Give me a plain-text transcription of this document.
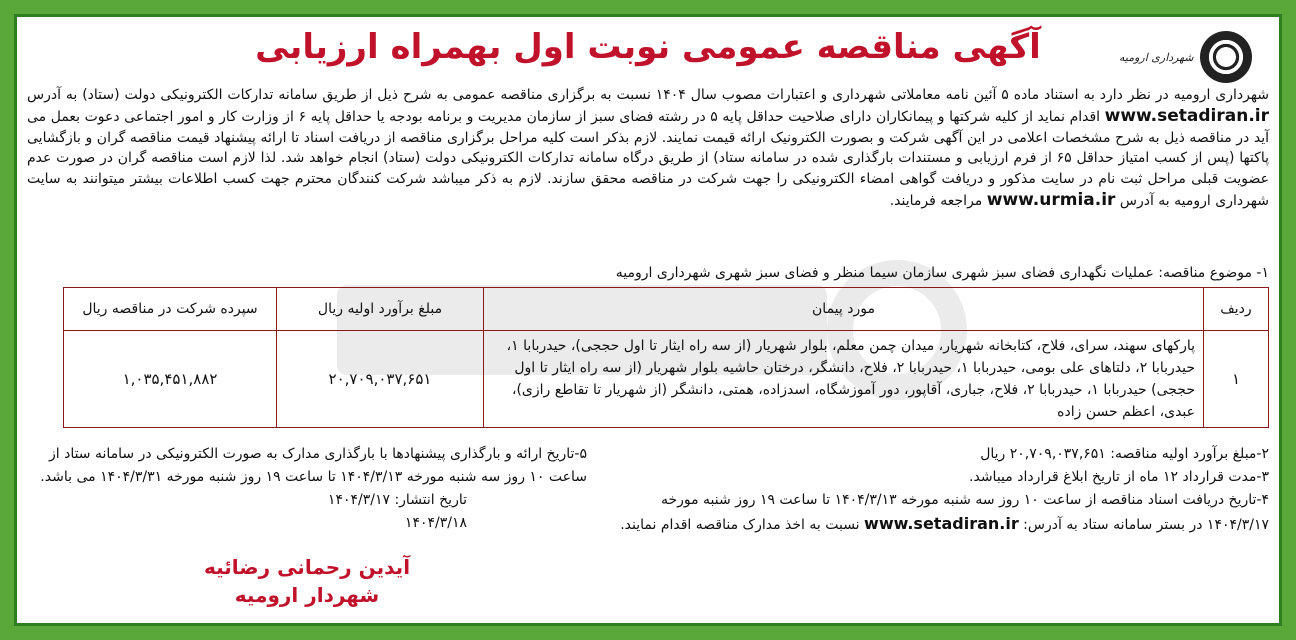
شهرداری ارومیه
آگهی مناقصه عمومی نوبت اول بهمراه ارزیابی
شهرداری ارومیه در نظر دارد به استناد ماده ۵ آئین نامه معاملاتی شهرداری و اعتبارات مصوب سال ۱۴۰۴ نسبت به برگزاری مناقصه عمومی به شرح ذیل از طریق سامانه تدارکات الکترونیکی دولت (ستاد) به آدرس www.setadiran.ir اقدام نماید از کلیه شرکتها و پیمانکاران دارای صلاحیت حداقل پایه ۵ در رشته فضای سبز از سازمان مدیریت و برنامه بودجه یا حداقل پایه ۶ از وزارت کار و امور اجتماعی دعوت بعمل می آید در مناقصه ذیل به شرح مشخصات اعلامی در این آگهی شرکت و بصورت الکترونیک ارائه قیمت نمایند. لازم بذکر است کلیه مراحل برگزاری مناقصه از دریافت اسناد تا ارائه پیشنهاد قیمت مناقصه گران و بازگشایی پاکتها (پس از کسب امتیاز حداقل ۶۵ از فرم ارزیابی و مستندات بارگذاری شده در سامانه ستاد) از طریق درگاه سامانه تدارکات الکترونیکی دولت (ستاد) انجام خواهد شد. لذا لازم است مناقصه گران در صورت عدم عضویت قبلی مراحل ثبت نام در سایت مذکور و دریافت گواهی امضاء الکترونیکی را جهت شرکت در مناقصه محقق سازند. لازم به ذکر میباشد شرکت کنندگان محترم جهت کسب اطلاعات بیشتر میتوانند به سایت شهرداری ارومیه به آدرس www.urmia.ir مراجعه فرمایند.
۱- موضوع مناقصه: عملیات نگهداری فضای سبز شهری سازمان سیما منظر و فضای سبز شهری شهرداری ارومیه
ردیف	مورد پیمان	مبلغ برآورد اولیه ریال	سپرده شرکت در مناقصه ریال
۱	پارکهای سهند، سرای، فلاح، کتابخانه شهریار، میدان چمن معلم، بلوار شهریار (از سه راه ایثار تا اول حججی)، حیدربابا ۱، حیدربابا ۲، دلتاهای علی بومی، حیدربابا ۱، حیدربابا ۲، فلاح، دانشگر، درختان حاشیه بلوار شهریار (از سه راه ایثار تا اول حججی) حیدربابا ۱، حیدربابا ۲، فلاح، جباری، آقاپور، دور آموزشگاه، اسدزاده، همتی، دانشگر (از شهریار تا تقاطع رازی)، عبدی، اعظم حسن زاده	۲۰,۷۰۹,۰۳۷,۶۵۱	۱,۰۳۵,۴۵۱,۸۸۲
۲-مبلغ برآورد اولیه مناقصه: ۲۰,۷۰۹,۰۳۷,۶۵۱ ریال
۳-مدت قرارداد ۱۲ ماه از تاریخ ابلاغ قرارداد میباشد.
۴-تاریخ دریافت اسناد مناقصه از ساعت ۱۰ روز سه شنبه مورخه ۱۴۰۴/۳/۱۳ تا ساعت ۱۹ روز شنبه مورخه ۱۴۰۴/۳/۱۷ در بستر سامانه ستاد به آدرس: www.setadiran.ir نسبت به اخذ مدارک مناقصه اقدام نمایند.
۵-تاریخ ارائه و بارگذاری پیشنهادها با بارگذاری مدارک به صورت الکترونیکی در سامانه ستاد از ساعت ۱۰ روز سه شنبه مورخه ۱۴۰۴/۳/۱۳ تا ساعت ۱۹ روز شنبه مورخه ۱۴۰۴/۳/۳۱ می باشد.
تاریخ انتشار: ۱۴۰۴/۳/۱۷
۱۴۰۴/۳/۱۸
آیدین رحمانی رضائیه
شهردار ارومیه
